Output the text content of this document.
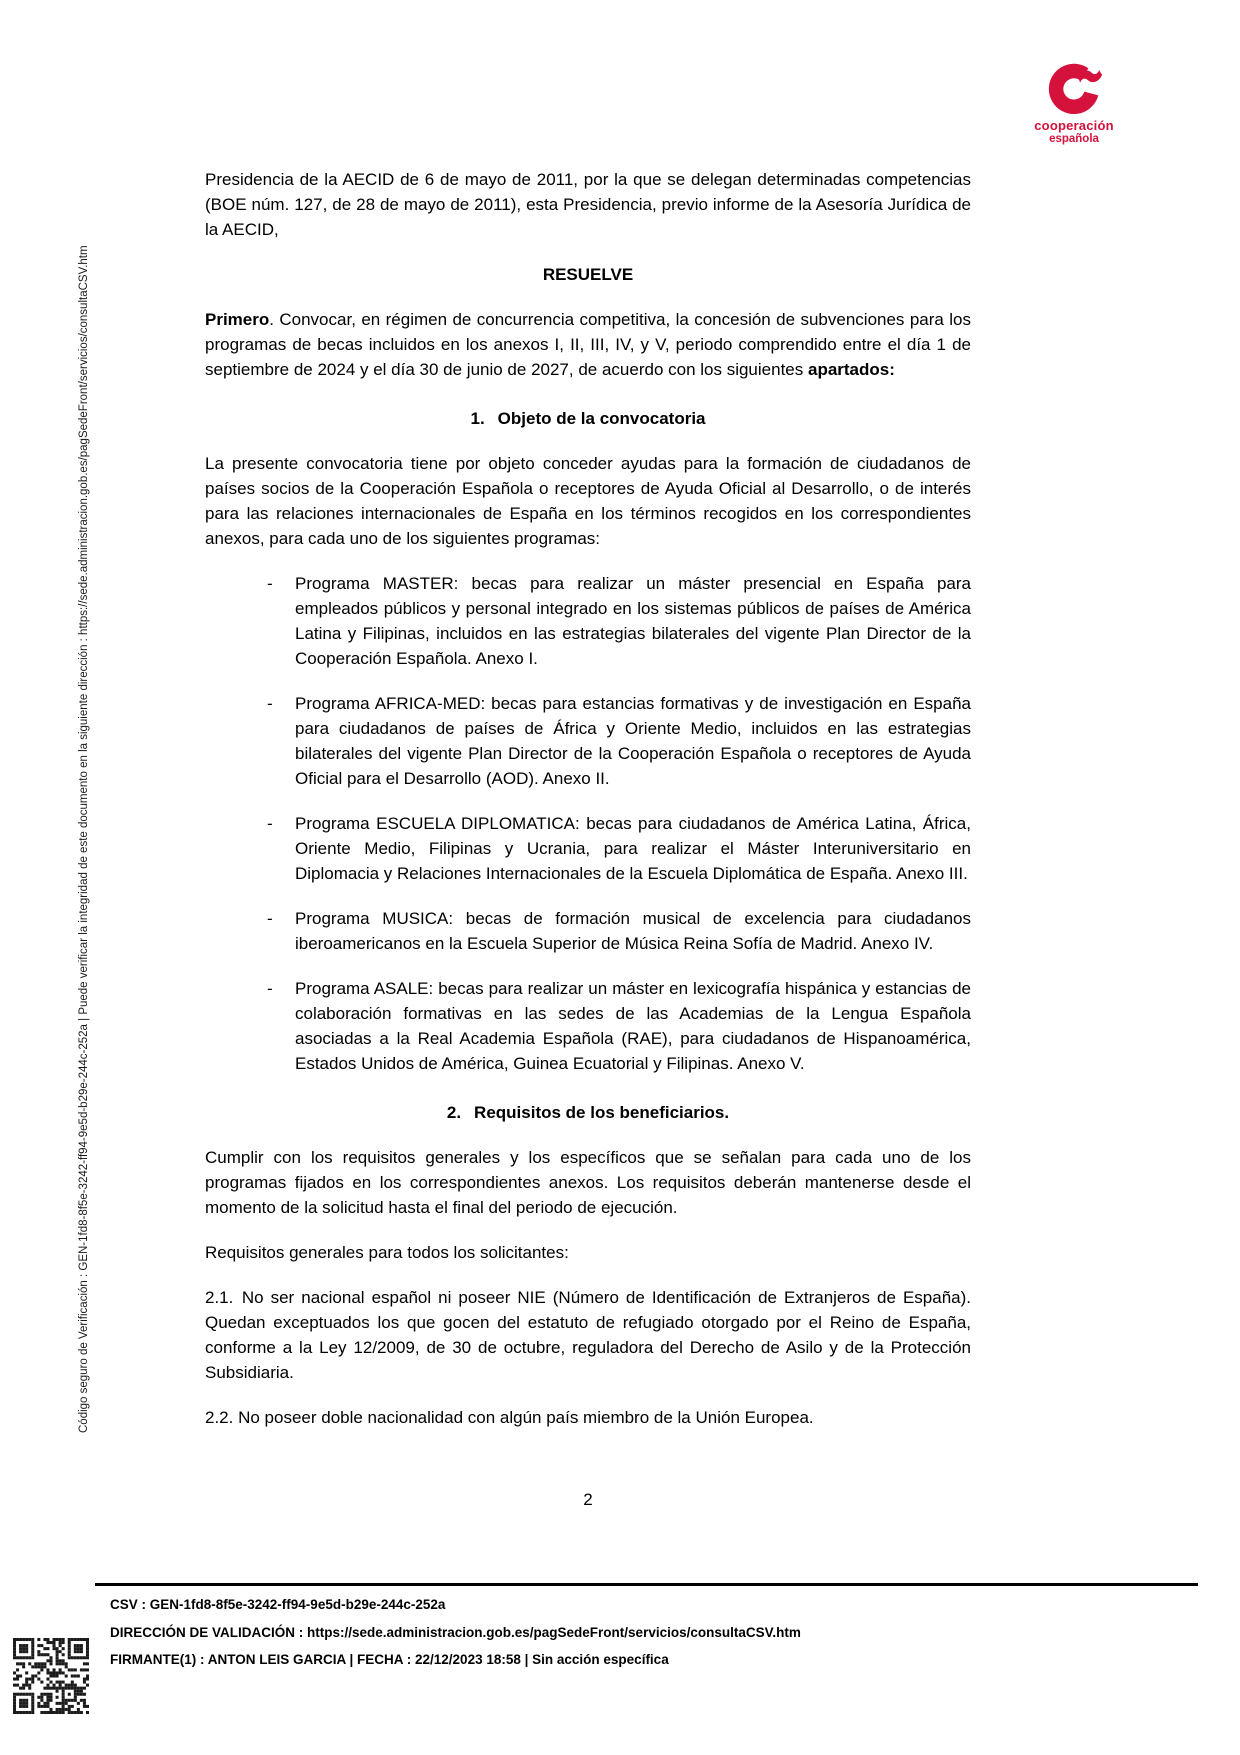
Código seguro de Verificación : GEN-1fd8-8f5e-3242-ff94-9e5d-b29e-244c-252a | Puede verificar la integridad de este documento en la siguiente dirección : https://sede.administracion.gob.es/pagSedeFront/servicios/consultaCSV.htm
cooperación
española

Presidencia de la AECID de 6 de mayo de 2011, por la que se delegan determinadas competencias (BOE núm. 127, de 28 de mayo de 2011), esta Presidencia, previo informe de la Asesoría Jurídica de la AECID,

RESUELVE

Primero. Convocar, en régimen de concurrencia competitiva, la concesión de subvenciones para los programas de becas incluidos en los anexos I, II, III, IV, y V, periodo comprendido entre el día 1 de septiembre de 2024 y el día 30 de junio de 2027, de acuerdo con los siguientes apartados:

1. Objeto de la convocatoria

La presente convocatoria tiene por objeto conceder ayudas para la formación de ciudadanos de países socios de la Cooperación Española o receptores de Ayuda Oficial al Desarrollo, o de interés para las relaciones internacionales de España en los términos recogidos en los correspondientes anexos, para cada uno de los siguientes programas:

- Programa MASTER: becas para realizar un máster presencial en España para empleados públicos y personal integrado en los sistemas públicos de países de América Latina y Filipinas, incluidos en las estrategias bilaterales del vigente Plan Director de la Cooperación Española. Anexo I.
- Programa AFRICA-MED: becas para estancias formativas y de investigación en España para ciudadanos de países de África y Oriente Medio, incluidos en las estrategias bilaterales del vigente Plan Director de la Cooperación Española o receptores de Ayuda Oficial para el Desarrollo (AOD). Anexo II.
- Programa ESCUELA DIPLOMATICA: becas para ciudadanos de América Latina, África, Oriente Medio, Filipinas y Ucrania, para realizar el Máster Interuniversitario en Diplomacia y Relaciones Internacionales de la Escuela Diplomática de España. Anexo III.
- Programa MUSICA: becas de formación musical de excelencia para ciudadanos iberoamericanos en la Escuela Superior de Música Reina Sofía de Madrid. Anexo IV.
- Programa ASALE: becas para realizar un máster en lexicografía hispánica y estancias de colaboración formativas en las sedes de las Academias de la Lengua Española asociadas a la Real Academia Española (RAE), para ciudadanos de Hispanoamérica, Estados Unidos de América, Guinea Ecuatorial y Filipinas. Anexo V.
2. Requisitos de los beneficiarios.

Cumplir con los requisitos generales y los específicos que se señalan para cada uno de los programas fijados en los correspondientes anexos. Los requisitos deberán mantenerse desde el momento de la solicitud hasta el final del periodo de ejecución.

Requisitos generales para todos los solicitantes:

2.1. No ser nacional español ni poseer NIE (Número de Identificación de Extranjeros de España). Quedan exceptuados los que gocen del estatuto de refugiado otorgado por el Reino de España, conforme a la Ley 12/2009, de 30 de octubre, reguladora del Derecho de Asilo y de la Protección Subsidiaria.

2.2. No poseer doble nacionalidad con algún país miembro de la Unión Europea.

2
CSV : GEN-1fd8-8f5e-3242-ff94-9e5d-b29e-244c-252a
DIRECCIÓN DE VALIDACIÓN : https://sede.administracion.gob.es/pagSedeFront/servicios/consultaCSV.htm
FIRMANTE(1) : ANTON LEIS GARCIA | FECHA : 22/12/2023 18:58 | Sin acción específica
